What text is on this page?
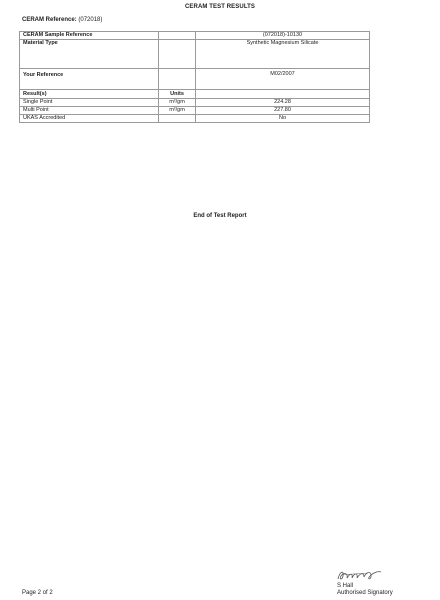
CERAM TEST RESULTS
CERAM Reference: (072018)
CERAM Sample Reference		(072018)-10130
Material Type		Synthetic Magnesium Silicate
Your Reference		M02/2007
Result(s)	Units	
Single Point	m²/gm	224.28
Multi Point	m²/gm	227.80
UKAS Accredited		No
End of Test Report
S Hall
Authorised Signatory
Page 2 of 2
